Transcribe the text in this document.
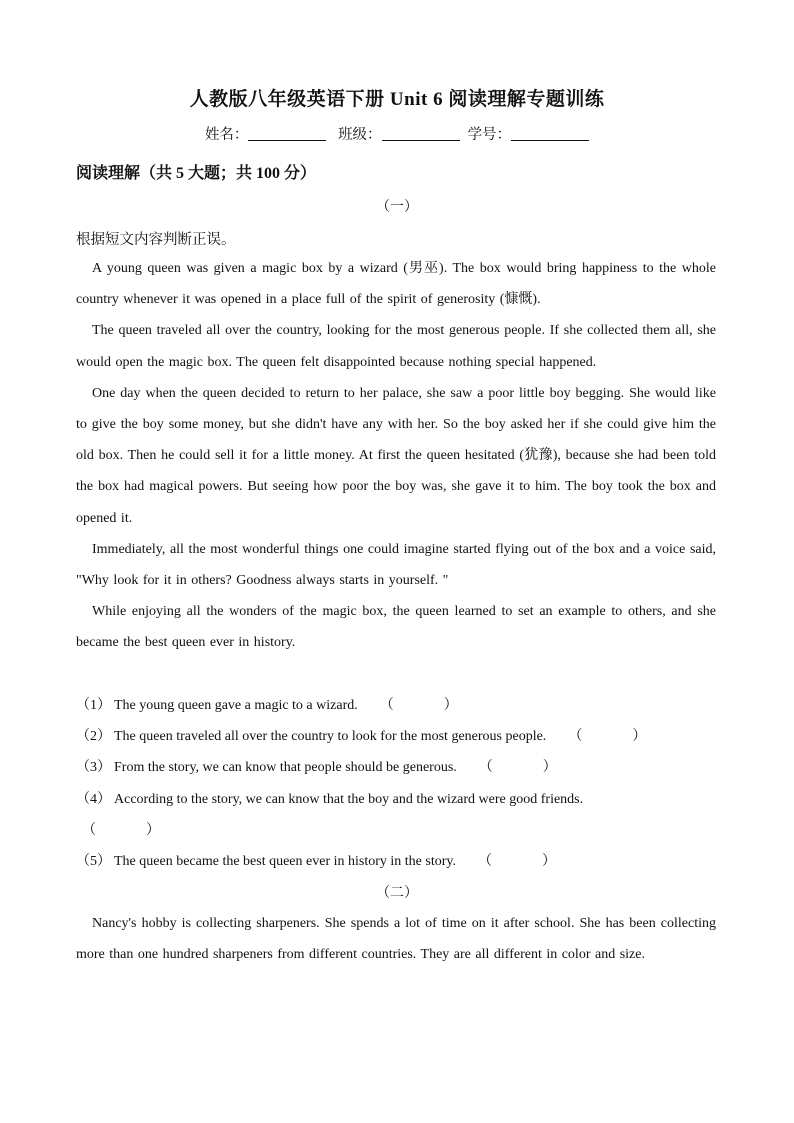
人教版八年级英语下册 Unit 6 阅读理解专题训练
姓名：	班级：	学号：
阅读理解（共 5 大题；共 100 分）
（一）
根据短文内容判断正误。

A young queen was given a magic box by a wizard (男巫). The box would bring happiness to the whole country whenever it was opened in a place full of the spirit of generosity (慷慨).

The queen traveled all over the country, looking for the most generous people. If she collected them all, she would open the magic box. The queen felt disappointed because nothing special happened.

One day when the queen decided to return to her palace, she saw a poor little boy begging. She would like to give the boy some money, but she didn't have any with her. So the boy asked her if she could give him the old box. Then he could sell it for a little money. At first the queen hesitated (犹豫), because she had been told the box had magical powers. But seeing how poor the boy was, she gave it to him. The boy took the box and opened it.

Immediately, all the most wonderful things one could imagine started flying out of the box and a voice said, "Why look for it in others? Goodness always starts in yourself. "

While enjoying all the wonders of the magic box, the queen learned to set an example to others, and she became the best queen ever in history.

（1） The young queen gave a magic to a wizard. （	）
（2） The queen traveled all over the country to look for the most generous people. （	）
（3） From the story, we can know that people should be generous. （	）
（4） According to the story, we can know that the boy and the wizard were good friends.
（	）
（5） The queen became the best queen ever in history in the story. （	）
（二）

Nancy's hobby is collecting sharpeners. She spends a lot of time on it after school. She has been collecting more than one hundred sharpeners from different countries. They are all different in color and size.
